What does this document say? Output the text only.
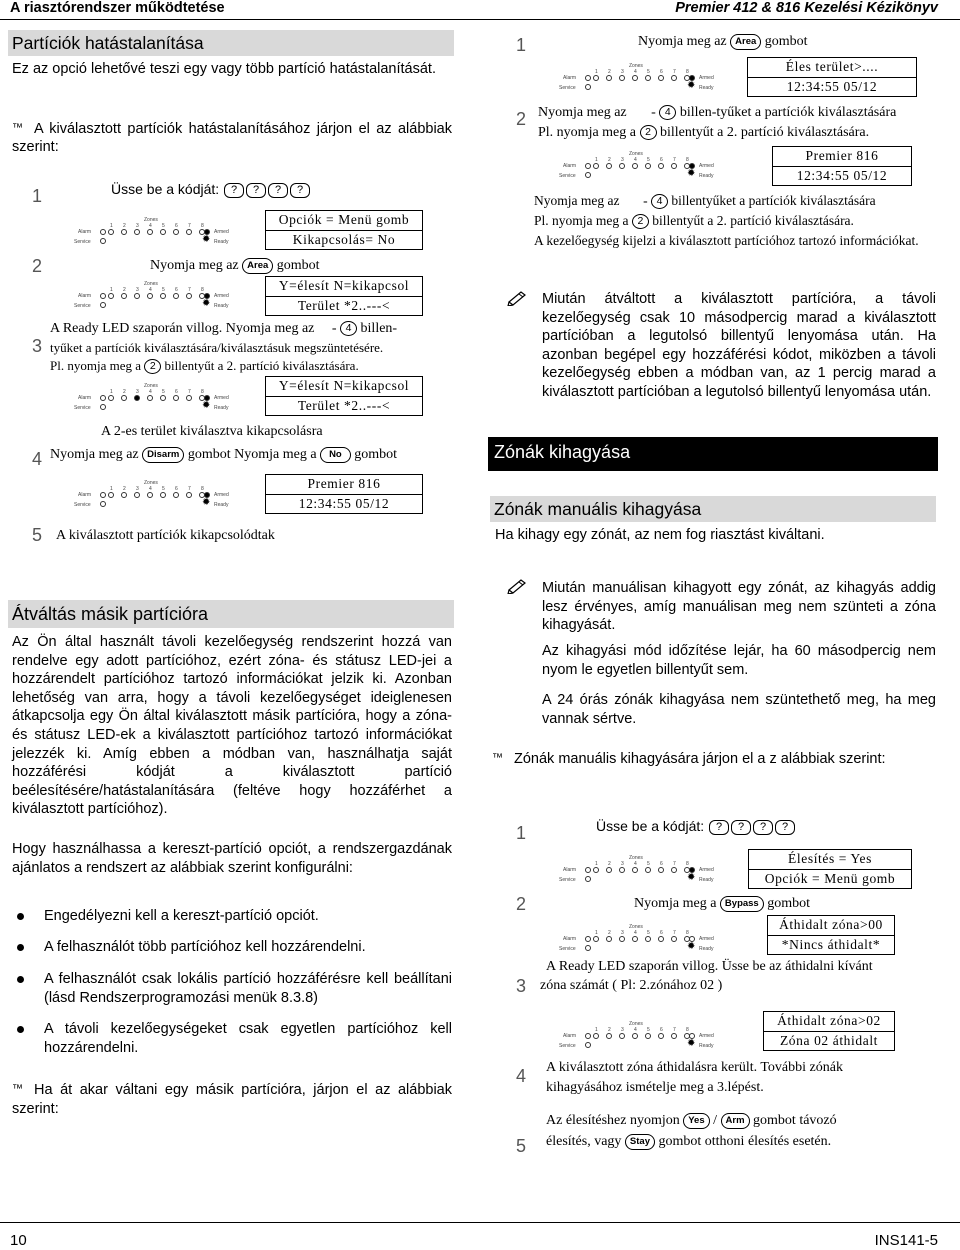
A riasztórendszer működtetése	Premier 412 & 816 Kezelési Kézikönyv
Partíciók hatástalanítása
Ez az opció lehetővé teszi egy vagy több partíció hatástalanítását.
™ A kiválasztott partíciók hatástalanításához járjon el az alábbiak szerint:
1	Üsse be a kódját: ? ? ? ?
Zones
Alarm
Service
1 2 3 4 5 6 7 8
Armed
✹ Ready
Opciók = Menü gomb
Kikapcsolás= No
2	Nyomja meg az Area gombot
Zones
Alarm
Service
1 2 3 4 5 6 7 8
Armed
✹ Ready
Y=élesít N=kikapcsol
Terület *2..---<
3
A Ready LED szaporán villog. Nyomja meg az - 4 billen-
tyűket a partíciók kiválasztására/kiválasztásuk megszüntetésére.
Pl. nyomja meg a 2 billentyűt a 2. partíció kiválasztására.
Zones
Alarm
Service
1 2 3 4 5 6 7 8
Armed
✹ Ready
Y=élesít N=kikapcsol
Terület *2..---<
A 2-es terület kiválasztva kikapcsolásra
4 Nyomja meg az Disarm gombot Nyomja meg a No gombot
Zones
Alarm
Service
1 2 3 4 5 6 7 8
Armed
✹ Ready
Premier 816
12:34:55 05/12
5 A kiválasztott partíciók kikapcsolódtak
1	Nyomja meg az Area gombot
Zones
Alarm
Service
1 2 3 4 5 6 7 8
Armed
✹ Ready
Éles terület>....
12:34:55 05/12
2 Nyomja meg az - 4 billen-tyűket a partíciók kiválasztására
Pl. nyomja meg a 2 billentyűt a 2. partíció kiválasztására.
Zones
Alarm
Service
1 2 3 4 5 6 7 8
Armed
✹ Ready
Premier 816
12:34:55 05/12
Nyomja meg az - 4 billentyűket a partíciók kiválasztására
Pl. nyomja meg a 2 billentyűt a 2. partíció kiválasztására.
A kezelőegység kijelzi a kiválasztott partícióhoz tartozó információkat.
Miután átváltott a kiválasztott partícióra, a távoli kezelőegység csak 10 másodpercig marad a kiválasztott partícióban a legutolsó billentyű lenyomása után. Ha azonban begépel egy hozzáférési kódot, miközben a távoli kezelőegység ebben a módban van, az 1 percig marad a kiválasztott partícióban a legutolsó billentyű lenyomása után.
Zónák kihagyása
Zónák manuális kihagyása
Ha kihagy egy zónát, az nem fog riasztást kiváltani.
Átváltás másik partícióra
Az Ön által használt távoli kezelőegység rendszerint hozzá van rendelve egy adott partícióhoz, ezért zóna- és státusz LED-jei a hozzárendelt partícióhoz tartozó információkat jelzik ki. Azonban lehetőség van arra, hogy a távoli kezelőegységet ideiglenesen átkapcsolja egy Ön által kiválasztott másik partícióra, hogy a zóna- és státusz LED-ek a kiválasztott partícióhoz tartozó információkat jelezzék ki. Amíg ebben a módban van, használhatja saját hozzáférési kódját a kiválasztott partíció beélesítésére/hatástalanítására (feltéve hogy hozzáférhet a kiválasztott partícióhoz).
Hogy használhassa a kereszt-partíció opciót, a rendszergazdának ajánlatos a rendszert az alábbiak szerint konfigurálni:
Engedélyezni kell a kereszt-partíció opciót.
A felhasználót több partícióhoz kell hozzárendelni.
A felhasználót csak lokális partíció hozzáférésre kell beállítani (lásd Rendszerprogramozási menük 8.3.8)
A távoli kezelőegységeket csak egyetlen partícióhoz kell hozzárendelni.
™ Ha át akar váltani egy másik partícióra, járjon el az alábbiak szerint:
Miután manuálisan kihagyott egy zónát, az kihagyás addig lesz érvényes, amíg manuálisan meg nem szünteti a zóna kihagyását.
Az kihagyási mód időzítése lejár, ha 60 másodpercig nem nyom le egyetlen billentyűt sem.
A 24 órás zónák kihagyása nem szüntethető meg, ha meg vannak sértve.
™ Zónák manuális kihagyására járjon el a z alábbiak szerint:
1	Üsse be a kódját: ? ? ? ?
Zones
Alarm
Service
1 2 3 4 5 6 7 8
Armed
✹ Ready
Élesítés = Yes
Opciók = Menü gomb
2	Nyomja meg a Bypass gombot
Zones
Alarm
Service
1 2 3 4 5 6 7 8
Armed
✹ Ready
Áthidalt zóna>00
*Nincs áthidalt*
3
A Ready LED szaporán villog. Üsse be az áthidalni kívánt
zóna számát ( Pl: 2.zónához 02 )
Zones
Alarm
Service
1 2 3 4 5 6 7 8
Armed
✹ Ready
Áthidalt zóna>02
Zóna 02 áthidalt
4 A kiválasztott zóna áthidalásra került. További zónák
kihagyásához ismételje meg a 3.lépést.
5
Az élesítéshez nyomjon Yes / Arm gombot távozó
élesítés, vagy Stay gombot otthoni élesítés esetén.
10	INS141-5
